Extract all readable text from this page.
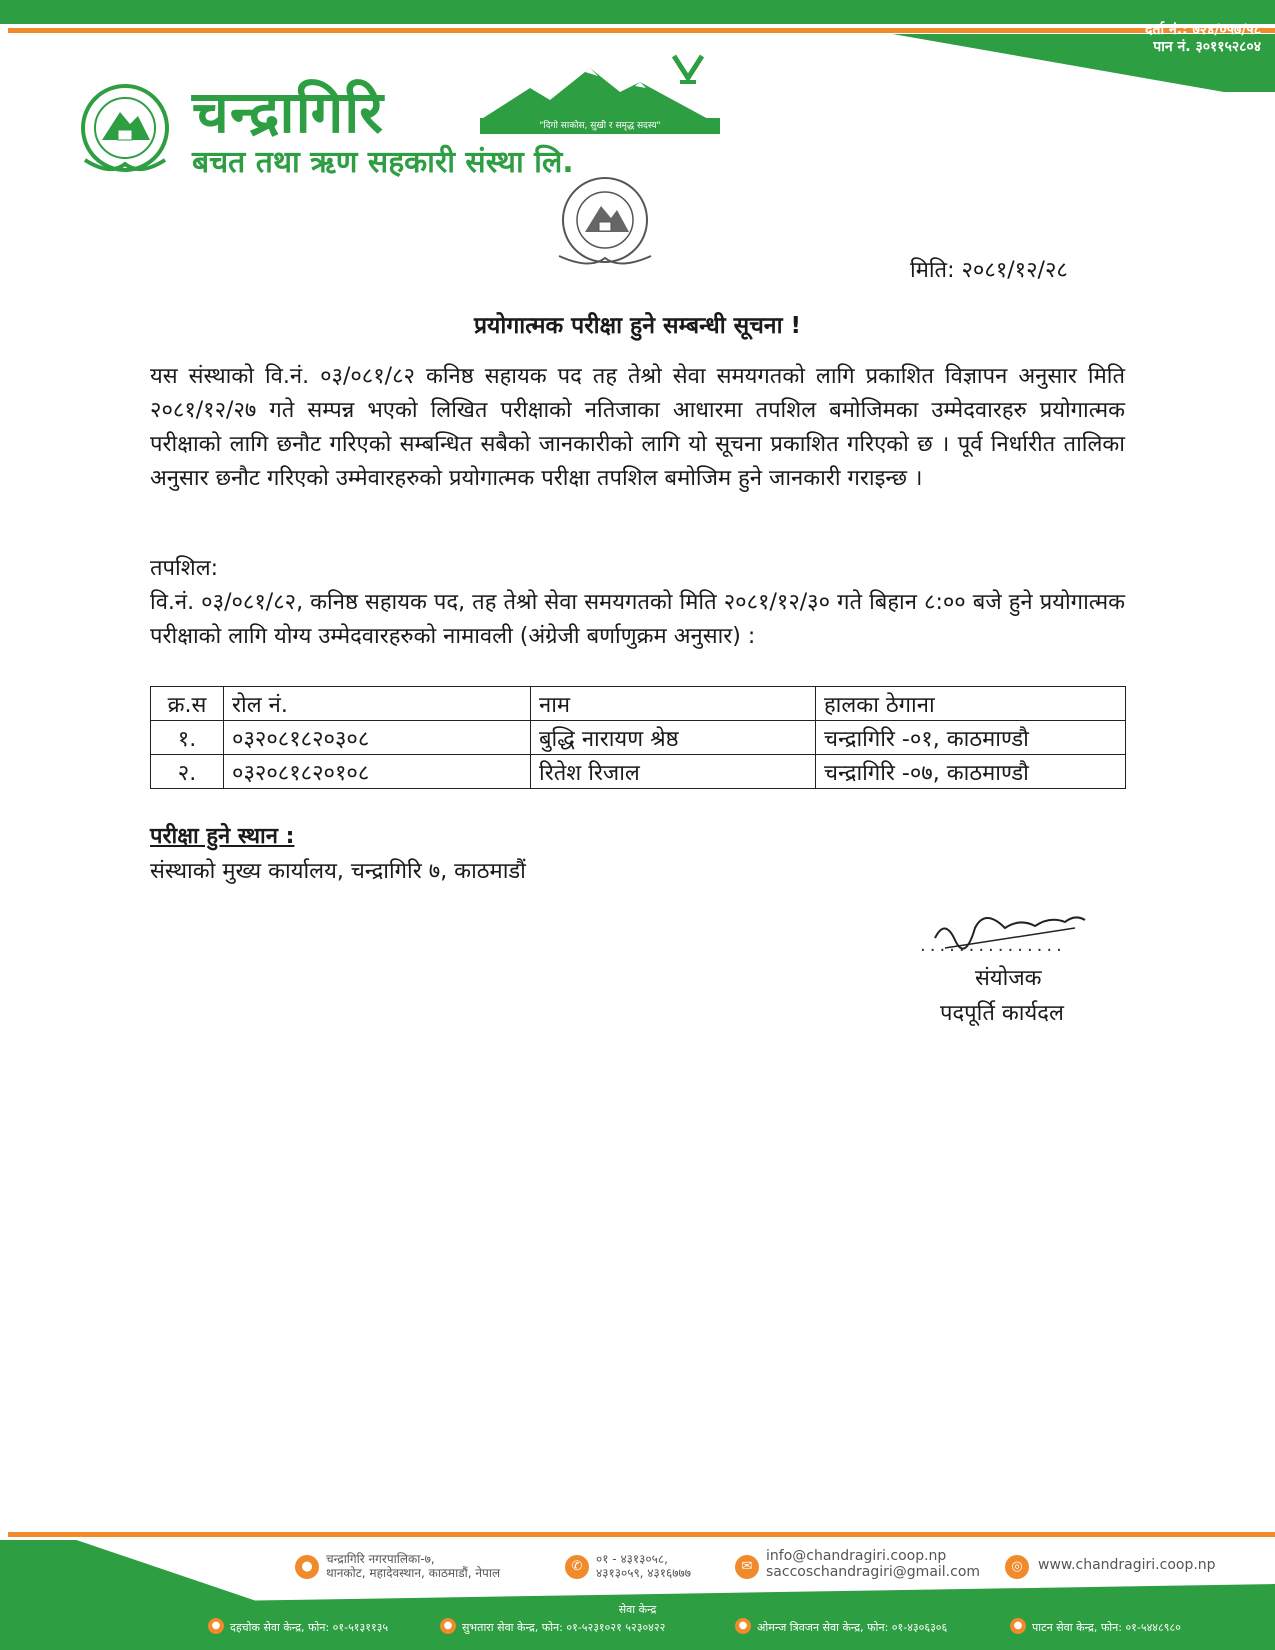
दर्ता नं.: ७२४/०५७/५८
पान नं. ३०११५२८०४
चन्द्रागिरि	"दिगो साकोस, सुखी र समृद्ध सदस्य"
बचत तथा ऋण सहकारी संस्था लि.
मिति: २०८१/१२/२८
प्रयोगात्मक परीक्षा हुने सम्बन्धी सूचना !
यस संस्थाको वि.नं. ०३/०८१/८२ कनिष्ठ सहायक पद तह तेश्रो सेवा समयगतको लागि प्रकाशित विज्ञापन अनुसार मिति २०८१/१२/२७ गते सम्पन्न भएको लिखित परीक्षाको नतिजाका आधारमा तपशिल बमोजिमका उम्मेदवारहरु प्रयोगात्मक परीक्षाको लागि छनौट गरिएको सम्बन्धित सबैको जानकारीको लागि यो सूचना प्रकाशित गरिएको छ । पूर्व निर्धारीत तालिका अनुसार छनौट गरिएको उम्मेवारहरुको प्रयोगात्मक परीक्षा तपशिल बमोजिम हुने जानकारी गराइन्छ ।
तपशिल:
वि.नं. ०३/०८१/८२, कनिष्ठ सहायक पद, तह तेश्रो सेवा समयगतको मिति २०८१/१२/३० गते बिहान ८:०० बजे हुने प्रयोगात्मक परीक्षाको लागि योग्य उम्मेदवारहरुको नामावली (अंग्रेजी बर्णाणुक्रम अनुसार) :
क्र.स	रोल नं.	नाम	हालका ठेगाना
१.	०३२०८१८२०३०८	बुद्धि नारायण श्रेष्ठ	चन्द्रागिरि -०१, काठमाण्डौ
२.	०३२०८१८२०१०८	रितेश रिजाल	चन्द्रागिरि -०७, काठमाण्डौ
परीक्षा हुने स्थान :
संस्थाको मुख्य कार्यालय, चन्द्रागिरि ७, काठमाडौं
...............
संयोजक
पदपूर्ति कार्यदल
●	चन्द्रागिरि नगरपालिका-७,
थानकोट, महादेवस्थान, काठमाडौं, नेपाल	✆	०१ - ४३१३०५८,
४३१३०५९, ४३१६७७७	✉
info@chandragiri.coop.np
saccoschandragiri@gmail.com	◎	www.chandragiri.coop.np
सेवा केन्द्र
● दहचोक सेवा केन्द्र, फोन: ०१-५१३११३५	● सुभतारा सेवा केन्द्र, फोन: ०१-५२३१०२१ ५२३०४२२	● ओमन्ज त्रिवजन सेवा केन्द्र, फोन: ०१-४३०६३०६	● पाटन सेवा केन्द्र, फोन: ०१-५४४८९८०
